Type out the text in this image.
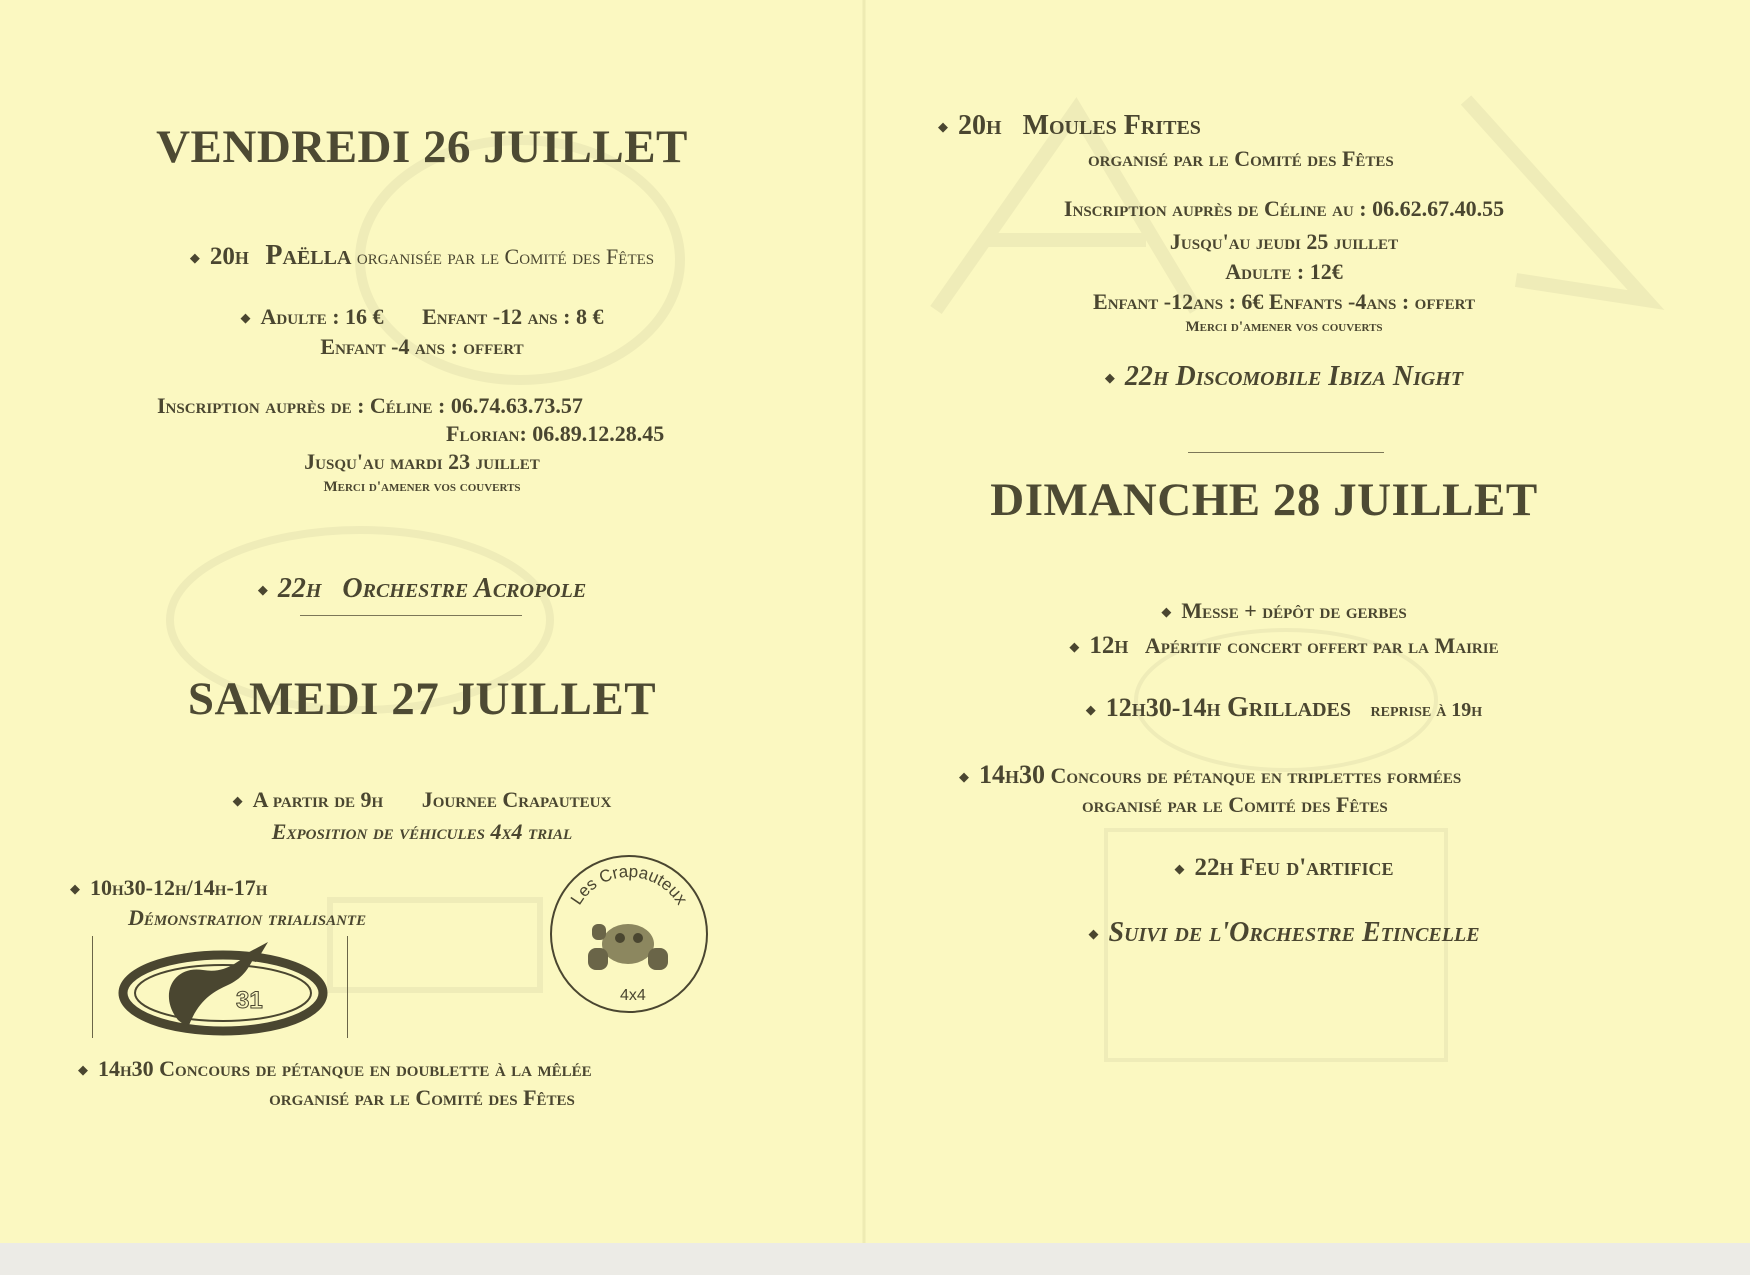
VENDREDI 26 JUILLET
◆ 20h Paëlla organisée par le Comité des Fêtes
◆ Adulte : 16 € Enfant -12 ans : 8 €
Enfant -4 ans : offert
Inscription auprès de : Céline : 06.74.63.73.57
Florian: 06.89.12.28.45
Jusqu'au mardi 23 juillet
Merci d'amener vos couverts
◆ 22h Orchestre Acropole
SAMEDI 27 JUILLET
◆ A partir de 9h Journee Crapauteux
Exposition de véhicules 4x4 trial
◆ 10h30-12h/14h-17h
Démonstration trialisante
31
Les Crapauteux
4x4
◆ 14h30 Concours de pétanque en doublette à la mêlée
organisé par le Comité des Fêtes
◆ 20h Moules Frites
organisé par le Comité des Fêtes
Inscription auprès de Céline au : 06.62.67.40.55
Jusqu'au jeudi 25 juillet
Adulte : 12€
Enfant -12ans : 6€ Enfants -4ans : offert
Merci d'amener vos couverts
◆ 22h Discomobile Ibiza Night
DIMANCHE 28 JUILLET
◆ Messe + dépôt de gerbes
◆ 12h Apéritif concert offert par la Mairie
◆ 12h30-14h Grillades reprise à 19h
◆ 14h30 Concours de pétanque en triplettes formées
organisé par le Comité des Fêtes
◆ 22h Feu d'artifice
◆ Suivi de l'Orchestre Etincelle
